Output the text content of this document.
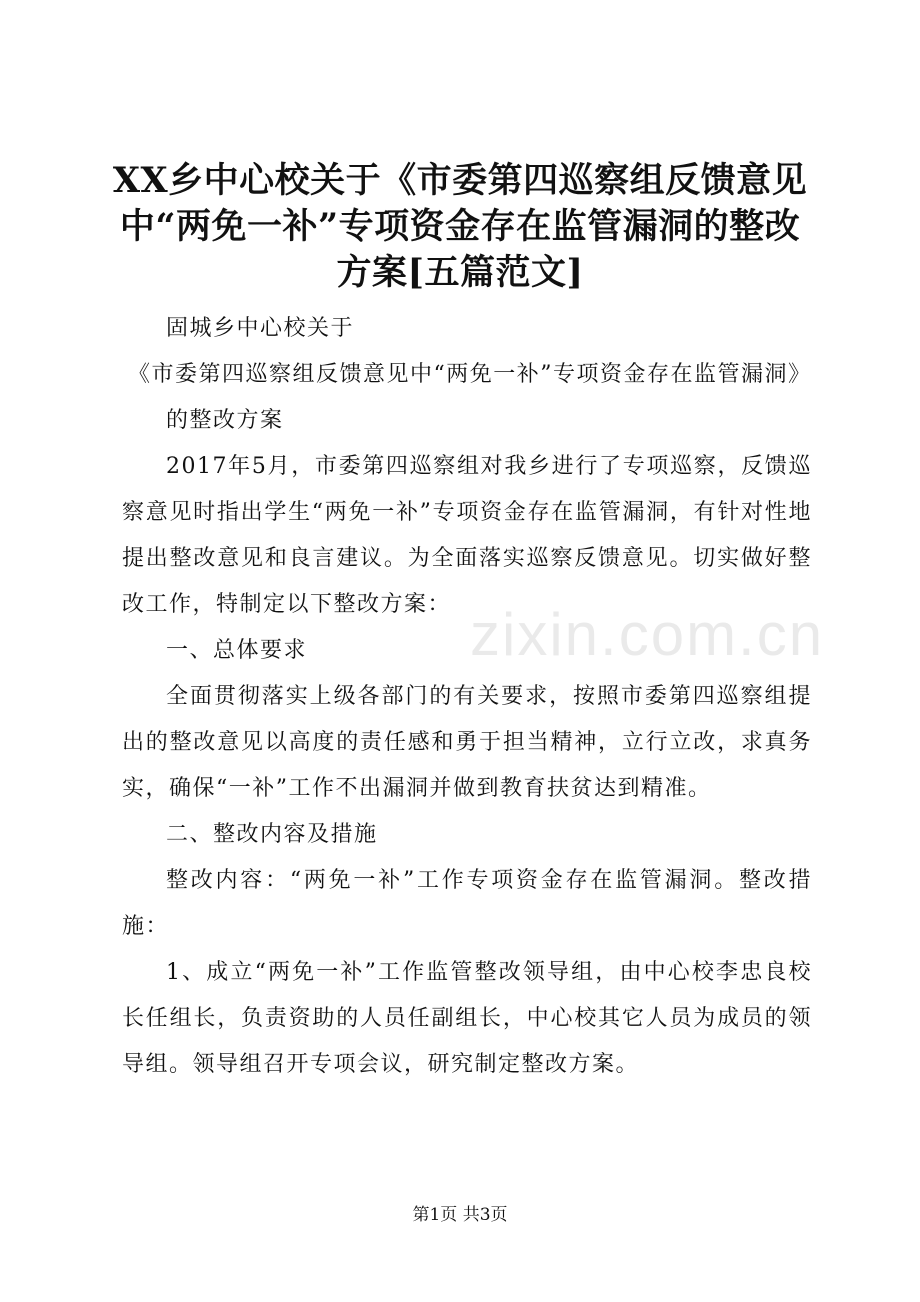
XX乡中心校关于《市委第四巡察组反馈意见中“两免一补”专项资金存在监管漏洞的整改方案[五篇范文]

固城乡中心校关于

《市委第四巡察组反馈意见中“两免一补”专项资金存在监管漏洞》

的整改方案

2017年5月，市委第四巡察组对我乡进行了专项巡察，反馈巡察意见时指出学生“两免一补”专项资金存在监管漏洞，有针对性地提出整改意见和良言建议。为全面落实巡察反馈意见。切实做好整改工作，特制定以下整改方案：

一、总体要求

全面贯彻落实上级各部门的有关要求，按照市委第四巡察组提出的整改意见以高度的责任感和勇于担当精神，立行立改，求真务实，确保“一补”工作不出漏洞并做到教育扶贫达到精准。

二、整改内容及措施

整改内容：“两免一补”工作专项资金存在监管漏洞。整改措施：

1、成立“两免一补”工作监管整改领导组，由中心校李忠良校长任组长，负责资助的人员任副组长，中心校其它人员为成员的领导组。领导组召开专项会议，研究制定整改方案。

zixin.com.cn
第1页 共3页
